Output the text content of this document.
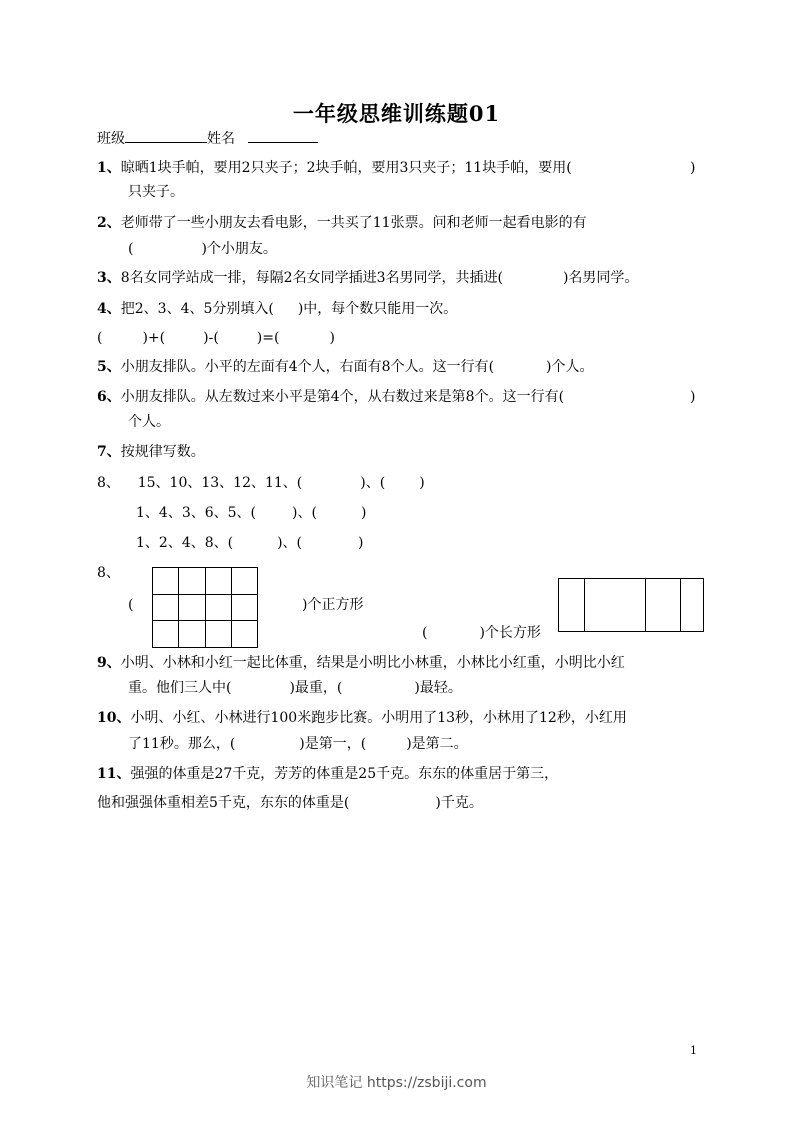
一年级思维训练题01
班级	姓名
1、晾晒1块手帕，要用2只夹子；2块手帕，要用3只夹子；11块手帕，要用(	)
只夹子。
2、老师带了一些小朋友去看电影，一共买了11张票。问和老师一起看电影的有
(	)个小朋友。
3、8名女同学站成一排，每隔2名女同学插进3名男同学，共插进(	)名男同学。
4、把2、3、4、5分别填入( )中，每个数只能用一次。
(	)+(	)-(	)=(	)
5、小朋友排队。小平的左面有4个人，右面有8个人。这一行有(	)个人。
6、小朋友排队。从左数过来小平是第4个，从右数过来是第8个。这一行有(	)
个人。
7、按规律写数。
8、 15、10、13、12、11、(	)、( )
1、4、3、6、5、(	)、(	)
1、2、4、8、(	)、(	)
8、

(	)个正方形
(	)个长方形
9、小明、小林和小红一起比体重，结果是小明比小林重，小林比小红重，小明比小红
重。他们三人中(	)最重，(	)最轻。
10、小明、小红、小林进行100米跑步比赛。小明用了13秒，小林用了12秒，小红用
了11秒。那么，(	)是第一，(	)是第二。
11、强强的体重是27千克，芳芳的体重是25千克。东东的体重居于第三，
他和强强体重相差5千克，东东的体重是(	)千克。
1
知识笔记 https://zsbiji.com
